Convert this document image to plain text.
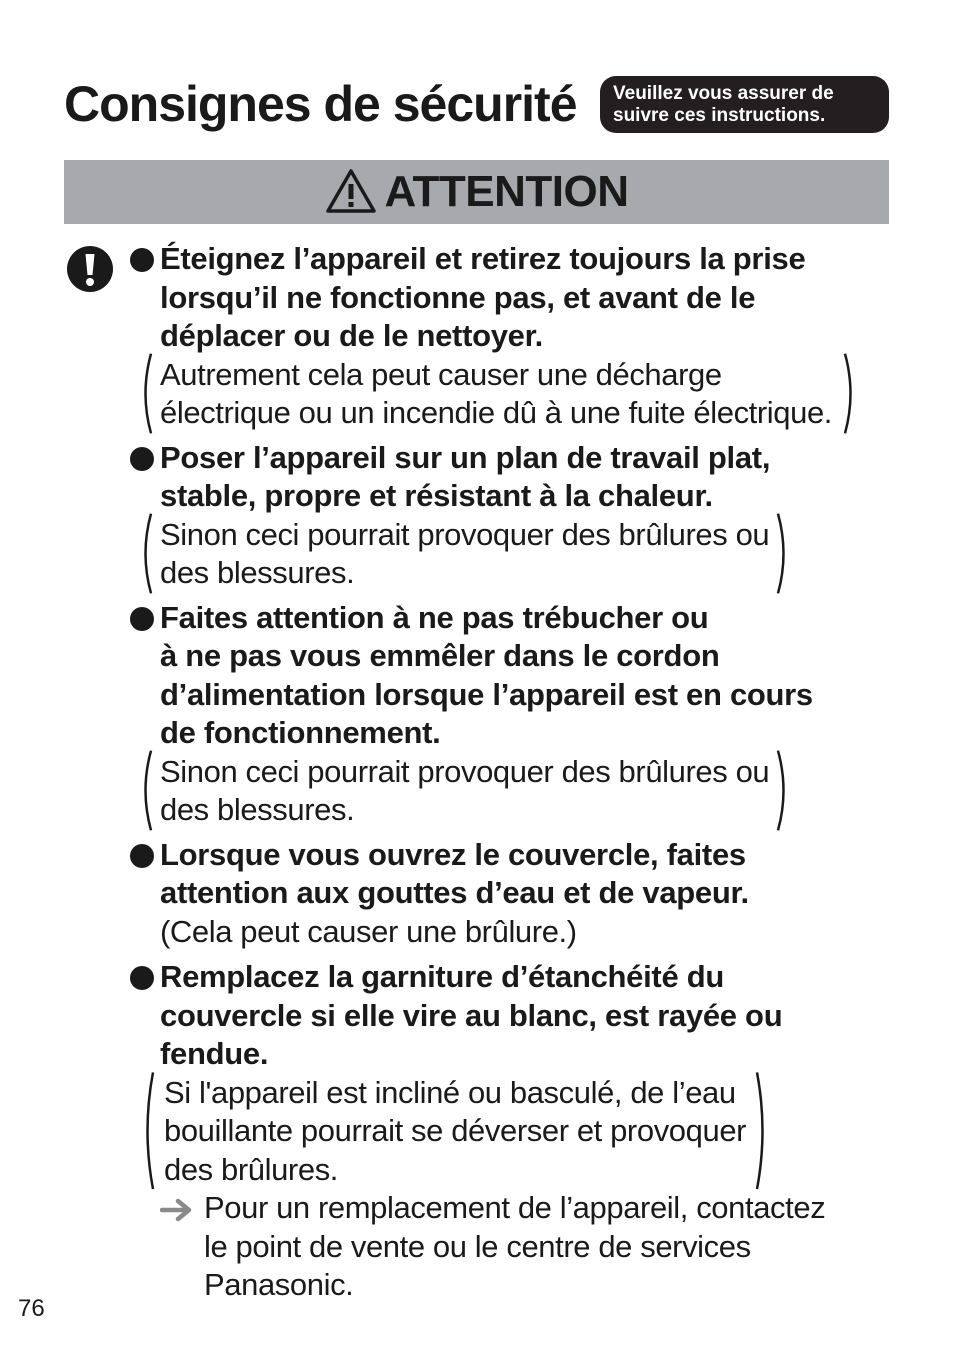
Consignes de sécurité Veuillez vous assurer de
suivre ces instructions.
ATTENTION
Éteignez l’appareil et retirez toujours la prise
lorsqu’il ne fonctionne pas, et avant de le
déplacer ou de le nettoyer.
Autrement cela peut causer une décharge
électrique ou un incendie dû à une fuite électrique.
Poser l’appareil sur un plan de travail plat,
stable, propre et résistant à la chaleur.
Sinon ceci pourrait provoquer des brûlures ou
des blessures.
Faites attention à ne pas trébucher ou
à ne pas vous emmêler dans le cordon
d’alimentation lorsque l’appareil est en cours
de fonctionnement.
Sinon ceci pourrait provoquer des brûlures ou
des blessures.
Lorsque vous ouvrez le couvercle, faites
attention aux gouttes d’eau et de vapeur.
(Cela peut causer une brûlure.)
Remplacez la garniture d’étanchéité du
couvercle si elle vire au blanc, est rayée ou
fendue.
Si l'appareil est incliné ou basculé, de l’eau
bouillante pourrait se déverser et provoquer
des brûlures.
Pour un remplacement de l’appareil, contactez
le point de vente ou le centre de services
Panasonic.
76
